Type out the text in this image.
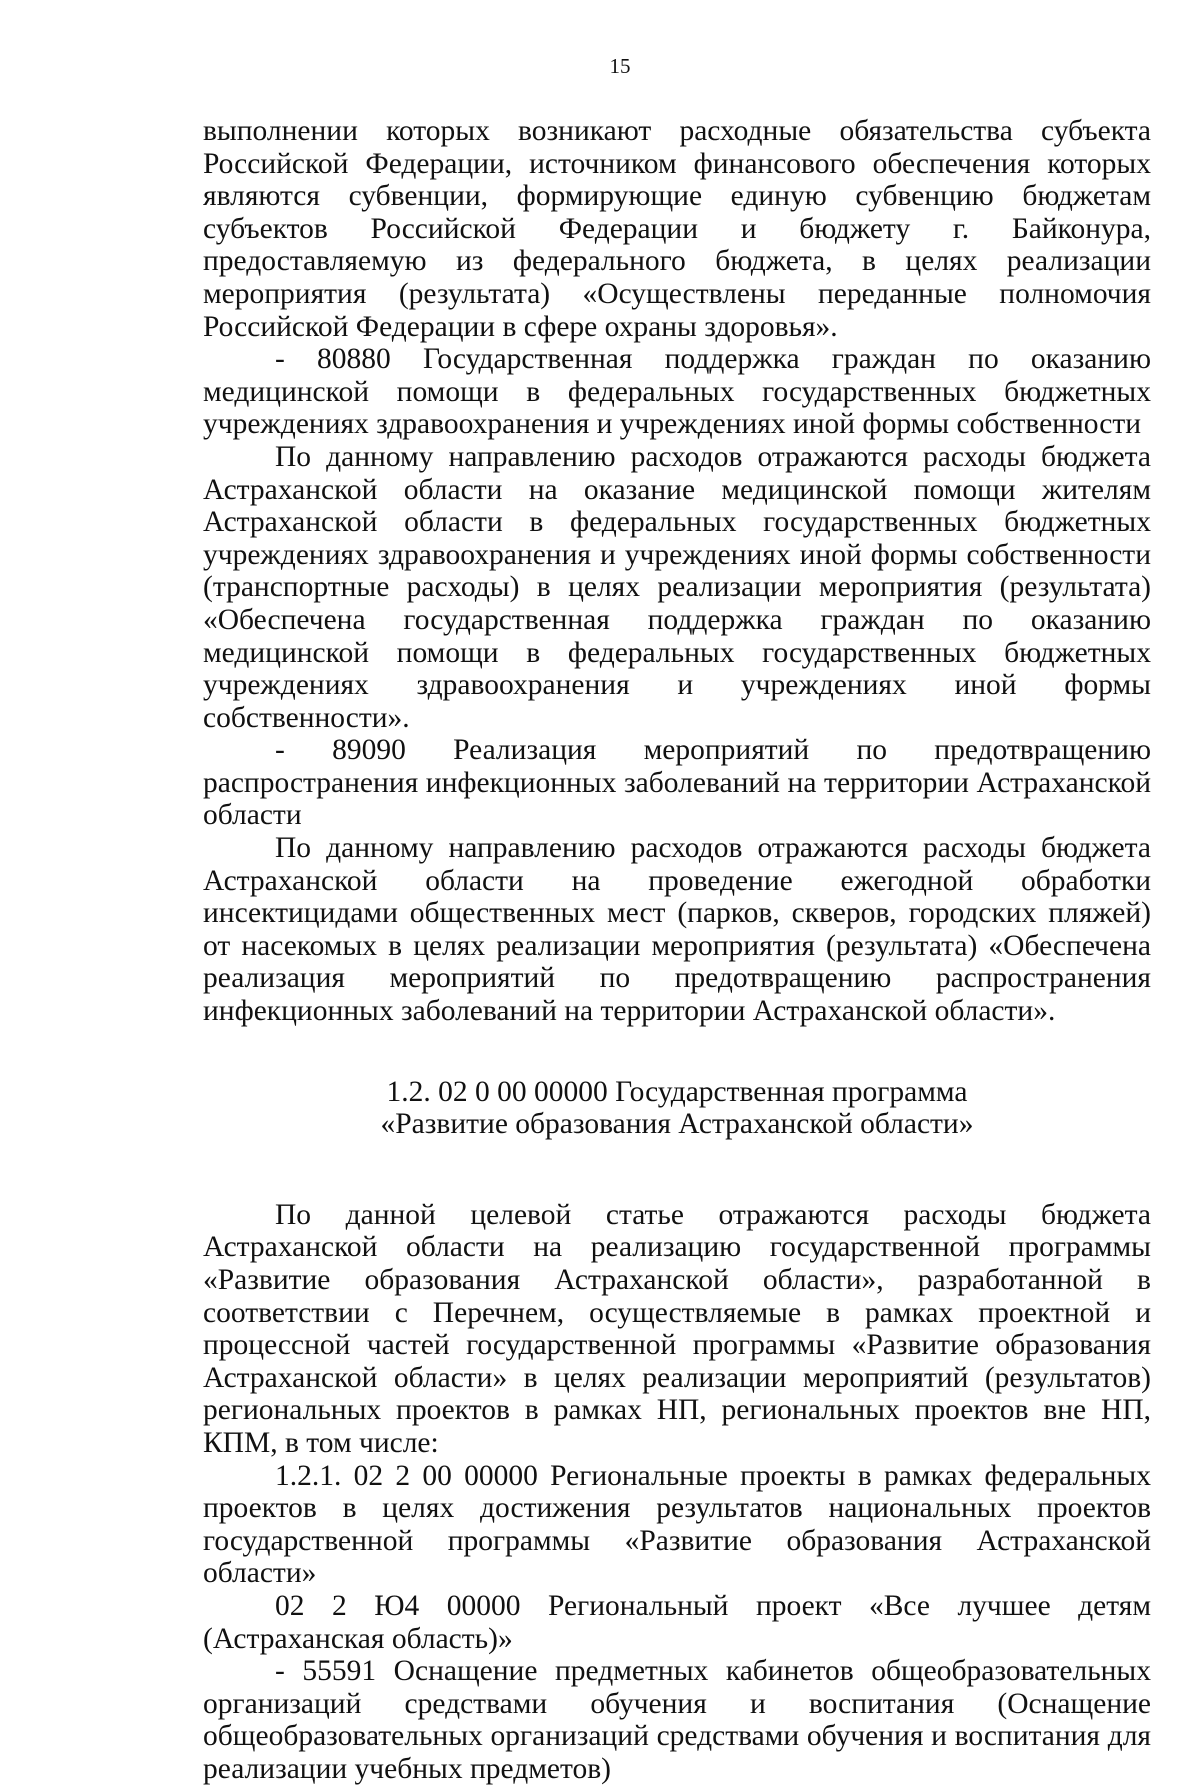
15

выполнении которых возникают расходные обязательства субъекта Российской Федерации, источником финансового обеспечения которых являются субвенции, формирующие единую субвенцию бюджетам субъектов Российской Федерации и бюджету г. Байконура, предоставляемую из федерального бюджета, в целях реализации мероприятия (результата) «Осуществлены переданные полномочия Российской Федерации в сфере охраны здоровья».

- 80880 Государственная поддержка граждан по оказанию медицинской помощи в федеральных государственных бюджетных учреждениях здравоохранения и учреждениях иной формы собственности

По данному направлению расходов отражаются расходы бюджета Астраханской области на оказание медицинской помощи жителям Астраханской области в федеральных государственных бюджетных учреждениях здравоохранения и учреждениях иной формы собственности (транспортные расходы) в целях реализации мероприятия (результата) «Обеспечена государственная поддержка граждан по оказанию медицинской помощи в федеральных государственных бюджетных учреждениях здравоохранения и учреждениях иной формы собственности».

- 89090 Реализация мероприятий по предотвращению распространения инфекционных заболеваний на территории Астраханской области

По данному направлению расходов отражаются расходы бюджета Астраханской области на проведение ежегодной обработки инсектицидами общественных мест (парков, скверов, городских пляжей) от насекомых в целях реализации мероприятия (результата) «Обеспечена реализация мероприятий по предотвращению распространения инфекционных заболеваний на территории Астраханской области».

1.2. 02 0 00 00000 Государственная программа
«Развитие образования Астраханской области»

По данной целевой статье отражаются расходы бюджета Астраханской области на реализацию государственной программы «Развитие образования Астраханской области», разработанной в соответствии с Перечнем, осуществляемые в рамках проектной и процессной частей государственной программы «Развитие образования Астраханской области» в целях реализации мероприятий (результатов) региональных проектов в рамках НП, региональных проектов вне НП, КПМ, в том числе:

1.2.1. 02 2 00 00000 Региональные проекты в рамках федеральных проектов в целях достижения результатов национальных проектов государственной программы «Развитие образования Астраханской области»

02 2 Ю4 00000 Региональный проект «Все лучшее детям (Астраханская область)»

- 55591 Оснащение предметных кабинетов общеобразовательных организаций средствами обучения и воспитания (Оснащение общеобразовательных организаций средствами обучения и воспитания для реализации учебных предметов)
